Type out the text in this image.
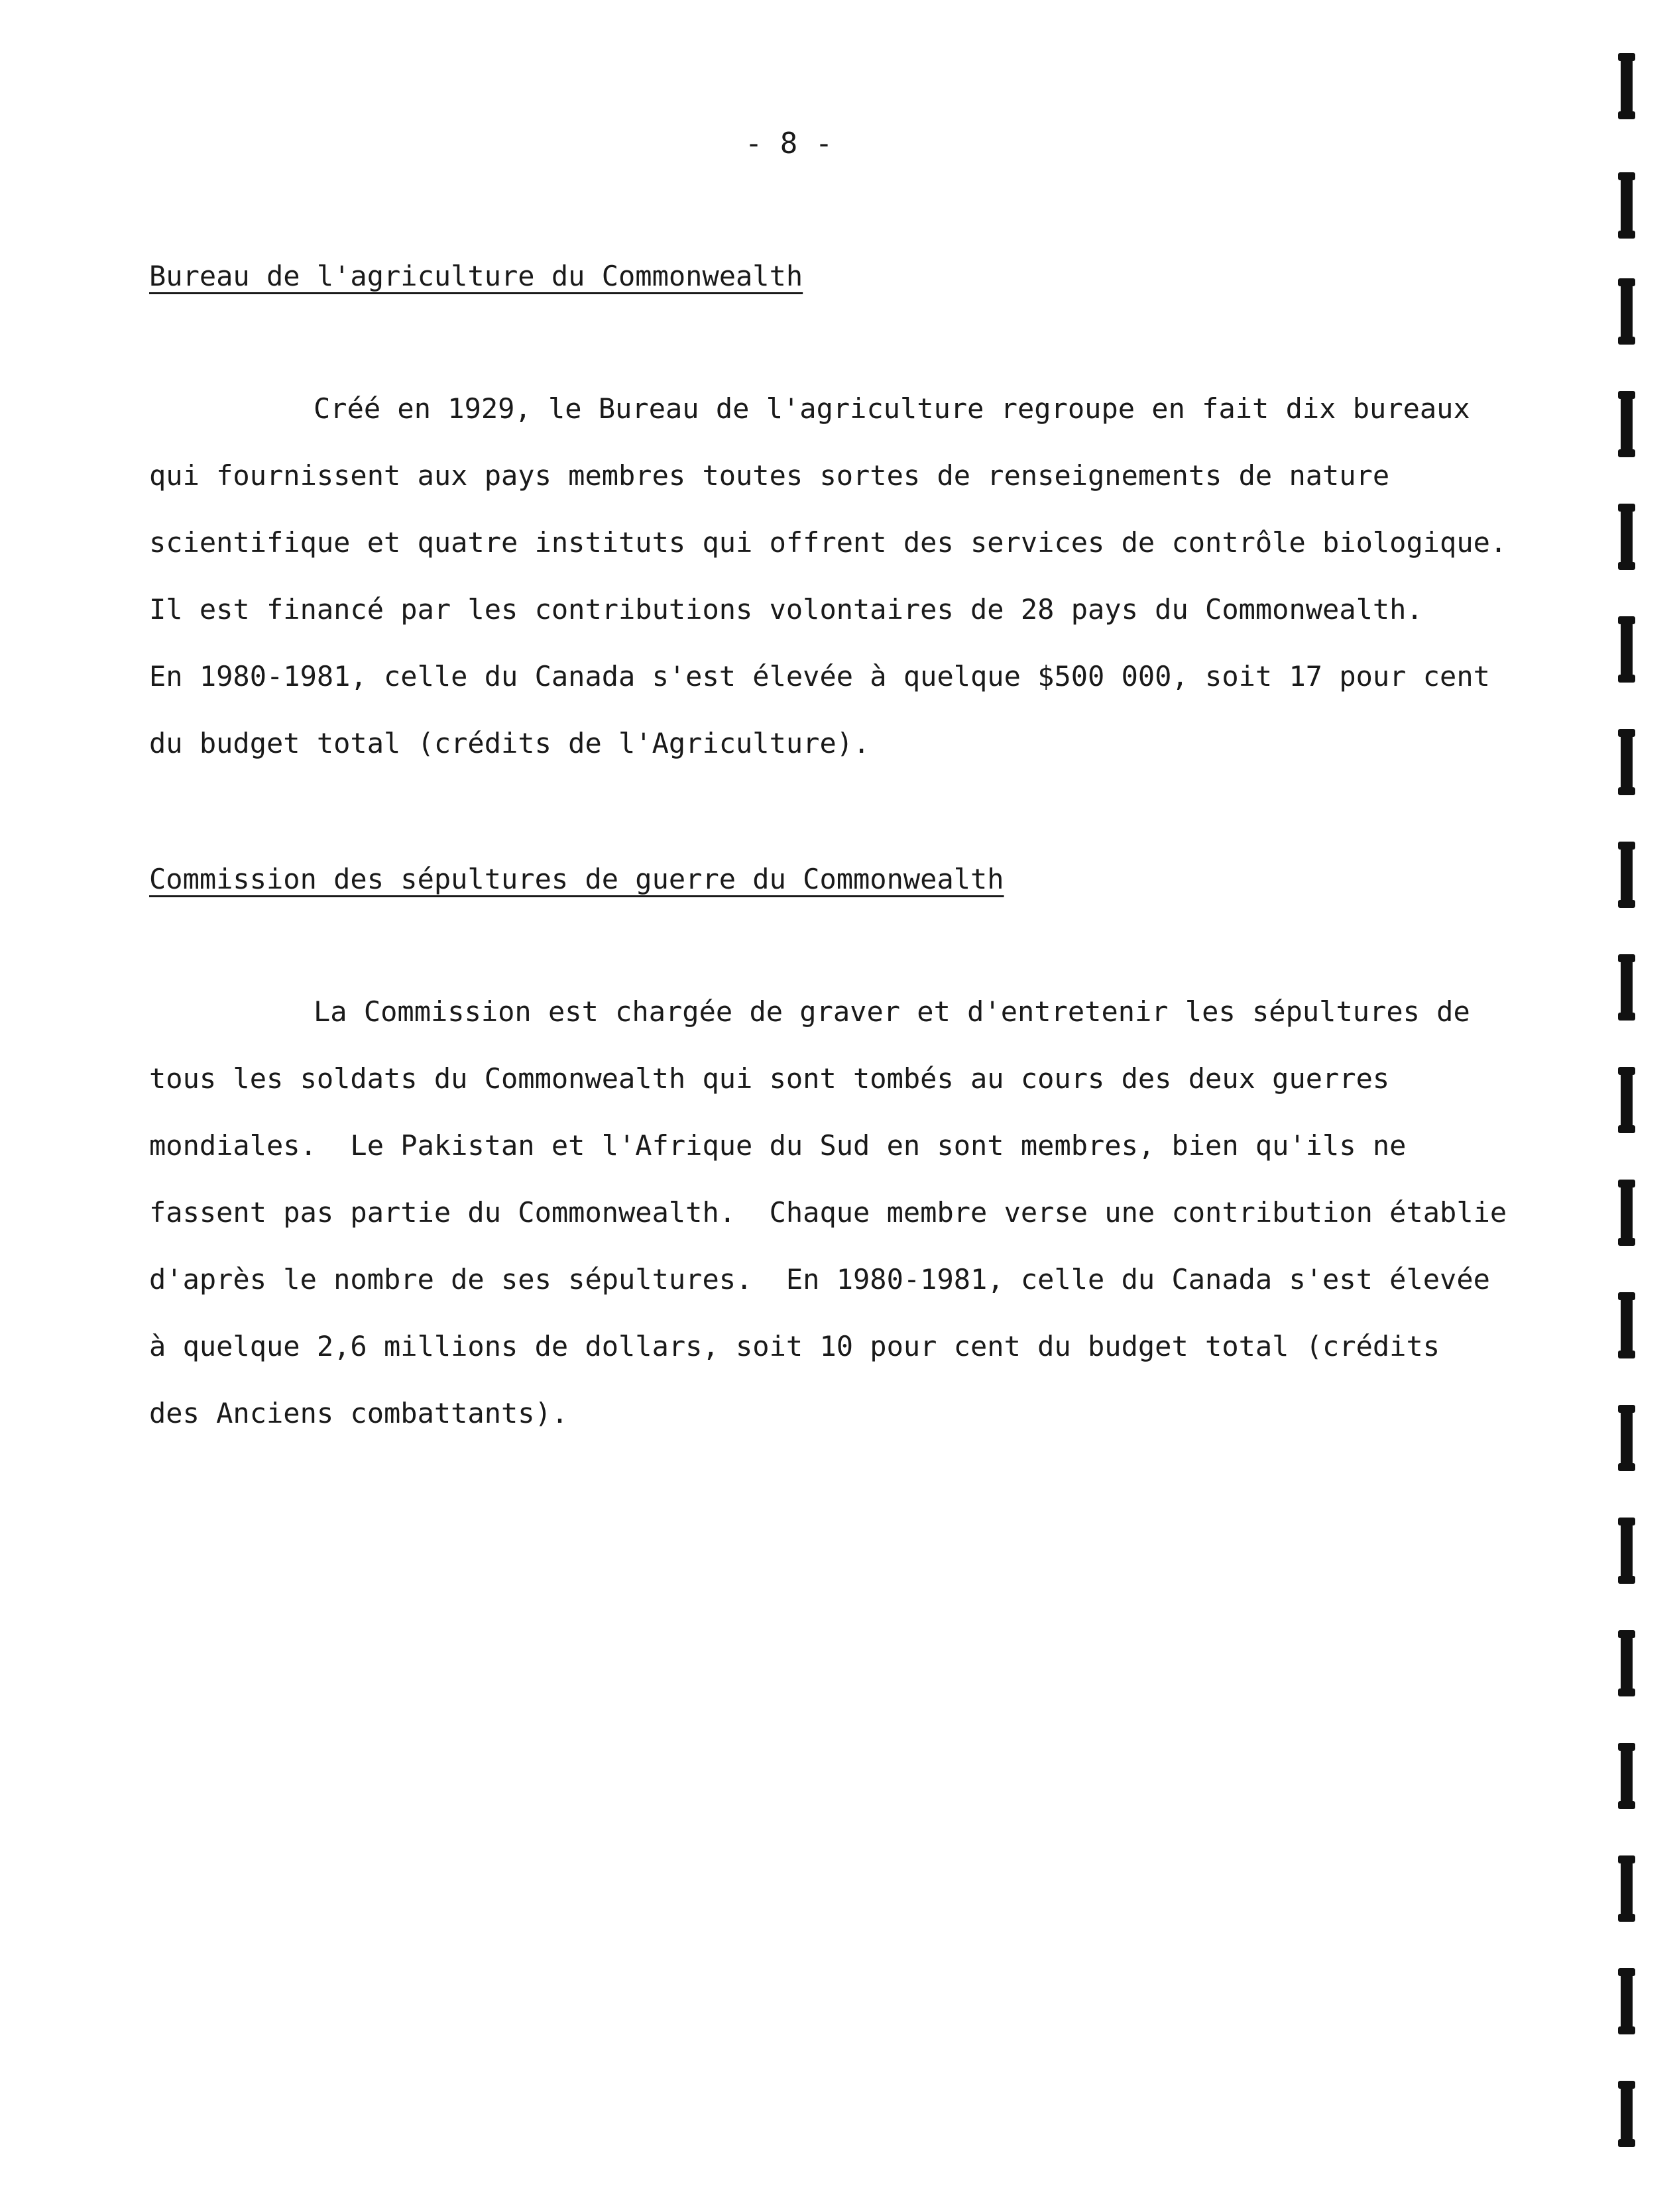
- 8 -
Bureau de l'agriculture du Commonwealth
Créé en 1929, le Bureau de l'agriculture regroupe en fait dix bureaux
qui fournissent aux pays membres toutes sortes de renseignements de nature
scientifique et quatre instituts qui offrent des services de contrôle biologique.
Il est financé par les contributions volontaires de 28 pays du Commonwealth.
En 1980-1981, celle du Canada s'est élevée à quelque $500 000, soit 17 pour cent
du budget total (crédits de l'Agriculture).
Commission des sépultures de guerre du Commonwealth
La Commission est chargée de graver et d'entretenir les sépultures de
tous les soldats du Commonwealth qui sont tombés au cours des deux guerres
mondiales.  Le Pakistan et l'Afrique du Sud en sont membres, bien qu'ils ne
fassent pas partie du Commonwealth.  Chaque membre verse une contribution établie
d'après le nombre de ses sépultures.  En 1980-1981, celle du Canada s'est élevée
à quelque 2,6 millions de dollars, soit 10 pour cent du budget total (crédits
des Anciens combattants).
